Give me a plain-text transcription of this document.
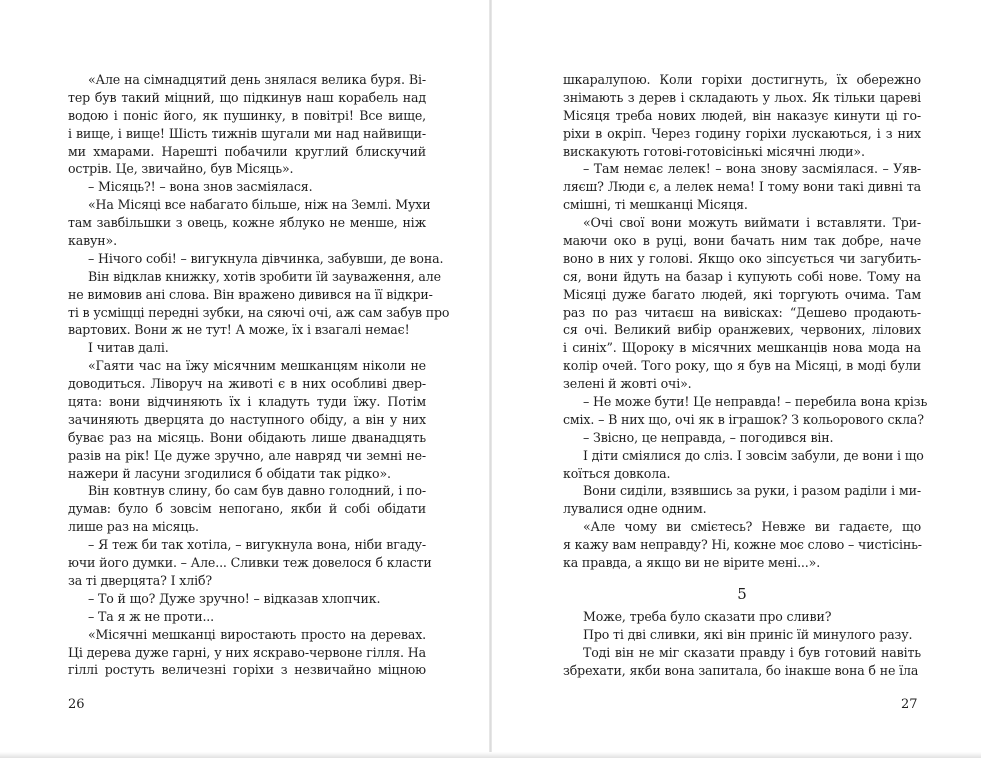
«Але на сімнадцятий день знялася велика буря. Ві-
тер був такий міцний, що підкинув наш корабель над
водою і поніс його, як пушинку, в повітрі! Все вище,
і вище, і вище! Шість тижнів шугали ми над найвищи-
ми хмарами. Нарешті побачили круглий блискучий
острів. Це, звичайно, був Місяць».
– Місяць?! – вона знов засміялася.
«На Місяці все набагато більше, ніж на Землі. Мухи
там завбільшки з овець, кожне яблуко не менше, ніж
кавун».
– Нічого собі! – вигукнула дівчинка, забувши, де вона.
Він відклав книжку, хотів зробити їй зауваження, але
не вимовив ані слова. Він вражено дивився на її відкри-
ті в усміщці передні зубки, на сяючі очі, аж сам забув про
вартових. Вони ж не тут! А може, їх і взагалі немає!
І читав далі.
«Гаяти час на їжу місячним мешканцям ніколи не
доводиться. Ліворуч на животі є в них особливі двер-
цята: вони відчиняють їх і кладуть туди їжу. Потім
зачиняють дверцята до наступного обіду, а він у них
буває раз на місяць. Вони обідають лише дванадцять
разів на рік! Це дуже зручно, але навряд чи земні не-
нажери й ласуни згодилися б обідати так рідко».
Він ковтнув слину, бо сам був давно голодний, і по-
думав: було б зовсім непогано, якби й собі обідати
лише раз на місяць.
– Я теж би так хотіла, – вигукнула вона, ніби вгаду-
ючи його думки. – Але... Сливки теж довелося б класти
за ті дверцята? І хліб?
– То й що? Дуже зручно! – відказав хлопчик.
– Та я ж не проти...
«Місячні мешканці виростають просто на деревах.
Ці дерева дуже гарні, у них яскраво-червоне гілля. На
гіллі ростуть величезні горіхи з незвичайно міцною
26
шкаралупою. Коли горіхи достигнуть, їх обережно
знімають з дерев і складають у льох. Як тільки цареві
Місяця треба нових людей, він наказує кинути ці го-
ріхи в окріп. Через годину горіхи лускаються, і з них
вискакують готові-готовісінькі місячні люди».
– Там немає лелек! – вона знову засміялася. – Уяв-
ляєш? Люди є, а лелек нема! І тому вони такі дивні та
смішні, ті мешканці Місяця.
«Очі свої вони можуть виймати і вставляти. Три-
маючи око в руці, вони бачать ним так добре, наче
воно в них у голові. Якщо око зіпсується чи загубить-
ся, вони йдуть на базар і купують собі нове. Тому на
Місяці дуже багато людей, які торгують очима. Там
раз по раз читаєш на вивісках: “Дешево продають-
ся очі. Великий вибір оранжевих, червоних, лілових
і синіх”. Щороку в місячних мешканців нова мода на
колір очей. Того року, що я був на Місяці, в моді були
зелені й жовті очі».
– Не може бути! Це неправда! – перебила вона крізь
сміх. – В них що, очі як в іграшок? З кольорового скла?
– Звісно, це неправда, – погодився він.
І діти сміялися до сліз. І зовсім забули, де вони і що
коїться довкола.
Вони сиділи, взявшись за руки, і разом раділи і ми-
лувалися одне одним.
«Але чому ви смієтесь? Невже ви гадаєте, що
я кажу вам неправду? Ні, кожне моє слово – чистісінь-
ка правда, а якщо ви не вірите мені...».
5
Може, треба було сказати про сливи?
Про ті дві сливки, які він приніс їй минулого разу.
Тоді він не міг сказати правду і був готовий навіть
збрехати, якби вона запитала, бо інакше вона б не їла
27
